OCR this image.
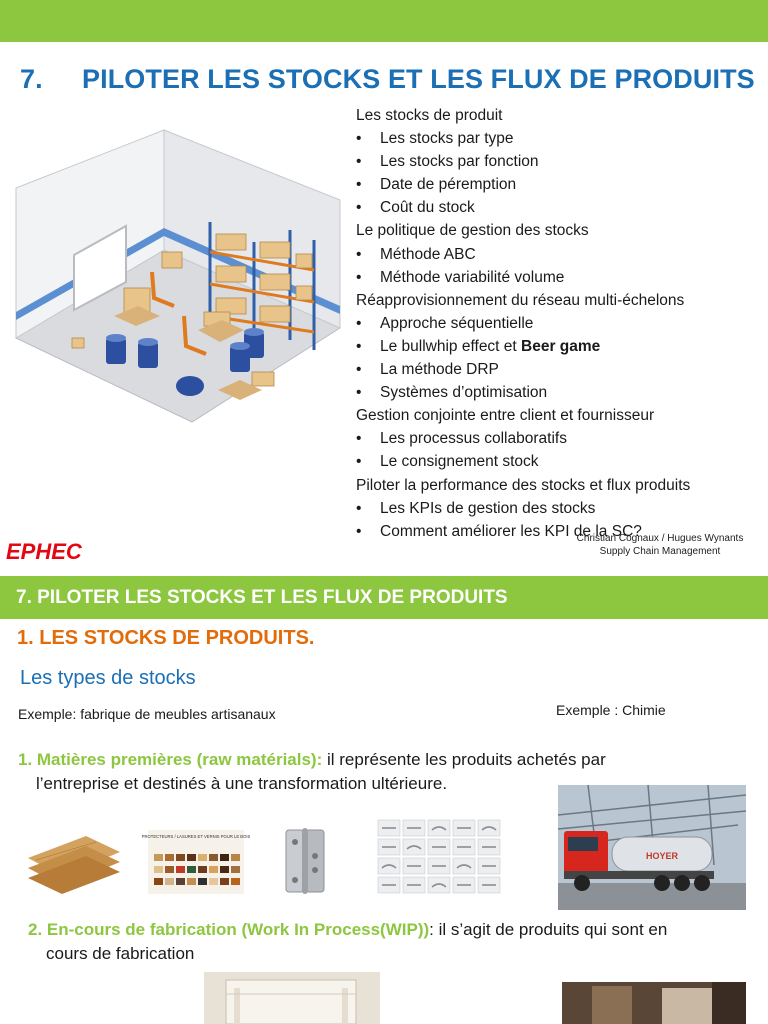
7. PILOTER LES STOCKS ET LES FLUX DE PRODUITS
Les stocks de produit
• Les stocks par type
• Les stocks par fonction
• Date de péremption
• Coût du stock
Le politique de gestion des stocks
• Méthode ABC
• Méthode variabilité volume
Réapprovisionnement du réseau multi-échelons
• Approche séquentielle
• Le bullwhip effect et Beer game
• La méthode DRP
• Systèmes d’optimisation
Gestion conjointe entre client et fournisseur
• Les processus collaboratifs
• Le consignement stock
Piloter la performance des stocks et flux produits
• Les KPIs de gestion des stocks
• Comment améliorer les KPI de la SC?
Christian Cognaux / Hugues Wynants
Supply Chain Management
EPHEC
7. PILOTER LES STOCKS ET LES FLUX DE PRODUITS
1. LES STOCKS DE PRODUITS.
Les types de stocks
Exemple: fabrique de meubles artisanaux	Exemple : Chimie
1. Matières premières (raw matérials): il représente les produits achetés par
l’entreprise et destinés à une transformation ultérieure.
PROTECTEURS / LASURES ET VERNIS POUR LE BOIS
HOYER
2. En-cours de fabrication (Work In Process(WIP)): il s’agit de produits qui sont en
cours de fabrication
